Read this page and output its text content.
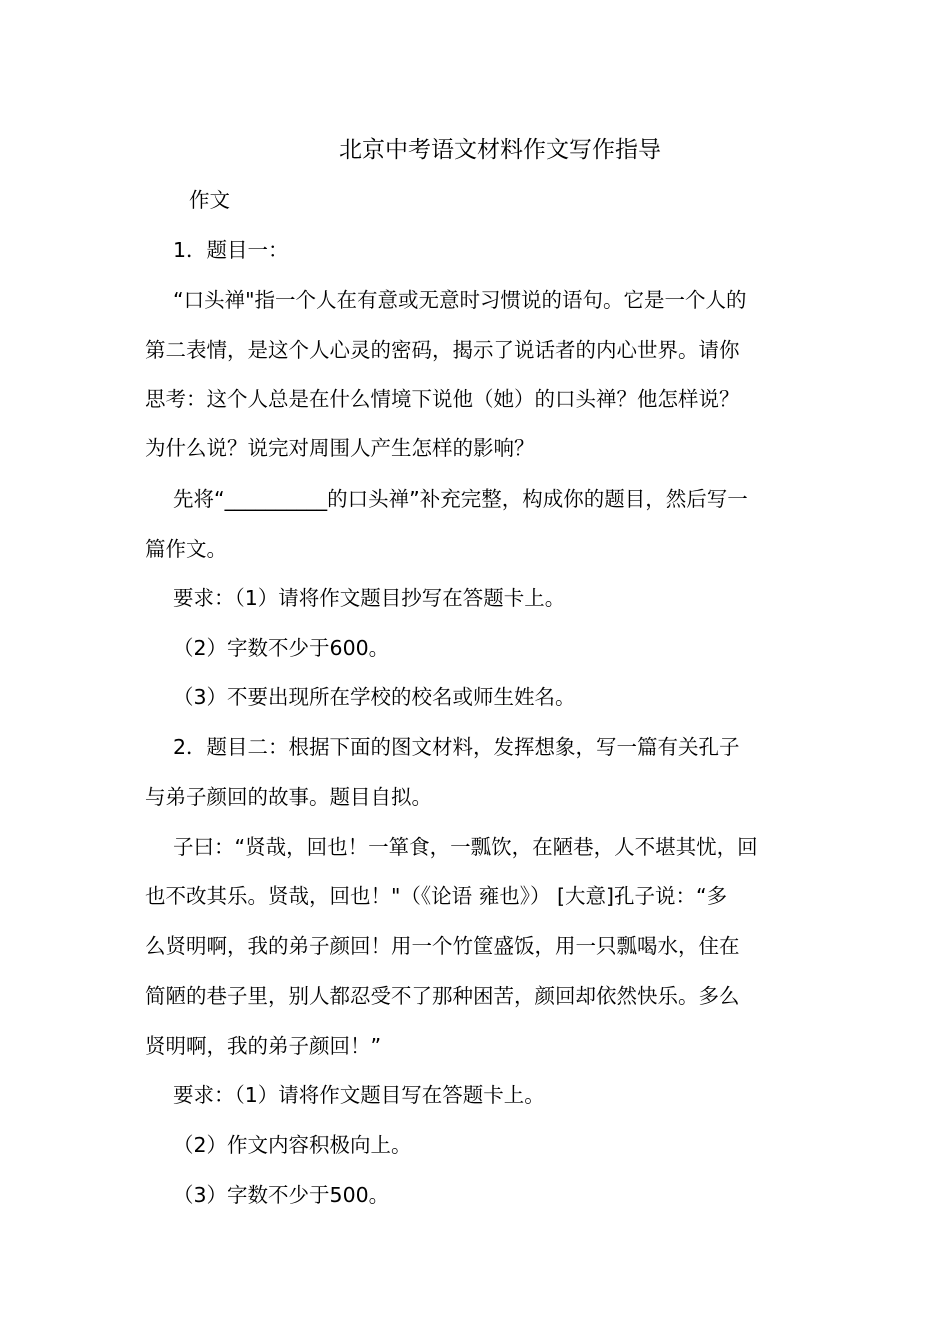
北京中考语文材料作文写作指导
作文
1．题目一：
“口头禅"指一个人在有意或无意时习惯说的语句。它是一个人的
第二表情，是这个人心灵的密码，揭示了说话者的内心世界。请你
思考：这个人总是在什么情境下说他（她）的口头禅？他怎样说？
为什么说？说完对周围人产生怎样的影响？
先将“__________的口头禅”补充完整，构成你的题目，然后写一
篇作文。
要求：（1）请将作文题目抄写在答题卡上。
（2）字数不少于600。
（3）不要出现所在学校的校名或师生姓名。
2．题目二：根据下面的图文材料，发挥想象，写一篇有关孔子
与弟子颜回的故事。题目自拟。
子曰：“贤哉，回也！一箪食，一瓢饮，在陋巷，人不堪其忧，回
也不改其乐。贤哉，回也！"（《论语 雍也》） [大意]孔子说：“多
么贤明啊，我的弟子颜回！用一个竹筐盛饭，用一只瓢喝水，住在
简陋的巷子里，别人都忍受不了那种困苦，颜回却依然快乐。多么
贤明啊，我的弟子颜回！”
要求：（1）请将作文题目写在答题卡上。
（2）作文内容积极向上。
（3）字数不少于500。
